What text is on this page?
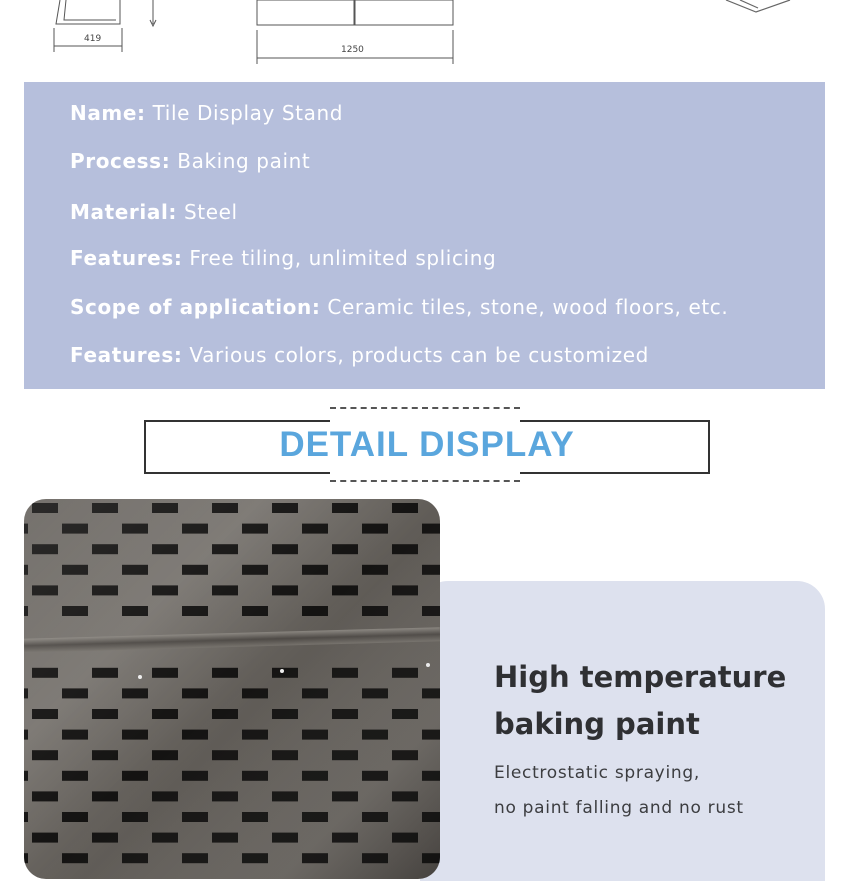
419
1250
Name: Tile Display Stand
Process: Baking paint
Material: Steel
Features: Free tiling, unlimited splicing
Scope of application: Ceramic tiles, stone, wood floors, etc.
Features: Various colors, products can be customized
DETAIL DISPLAY
High temperature
baking paint
Electrostatic spraying,
no paint falling and no rust
